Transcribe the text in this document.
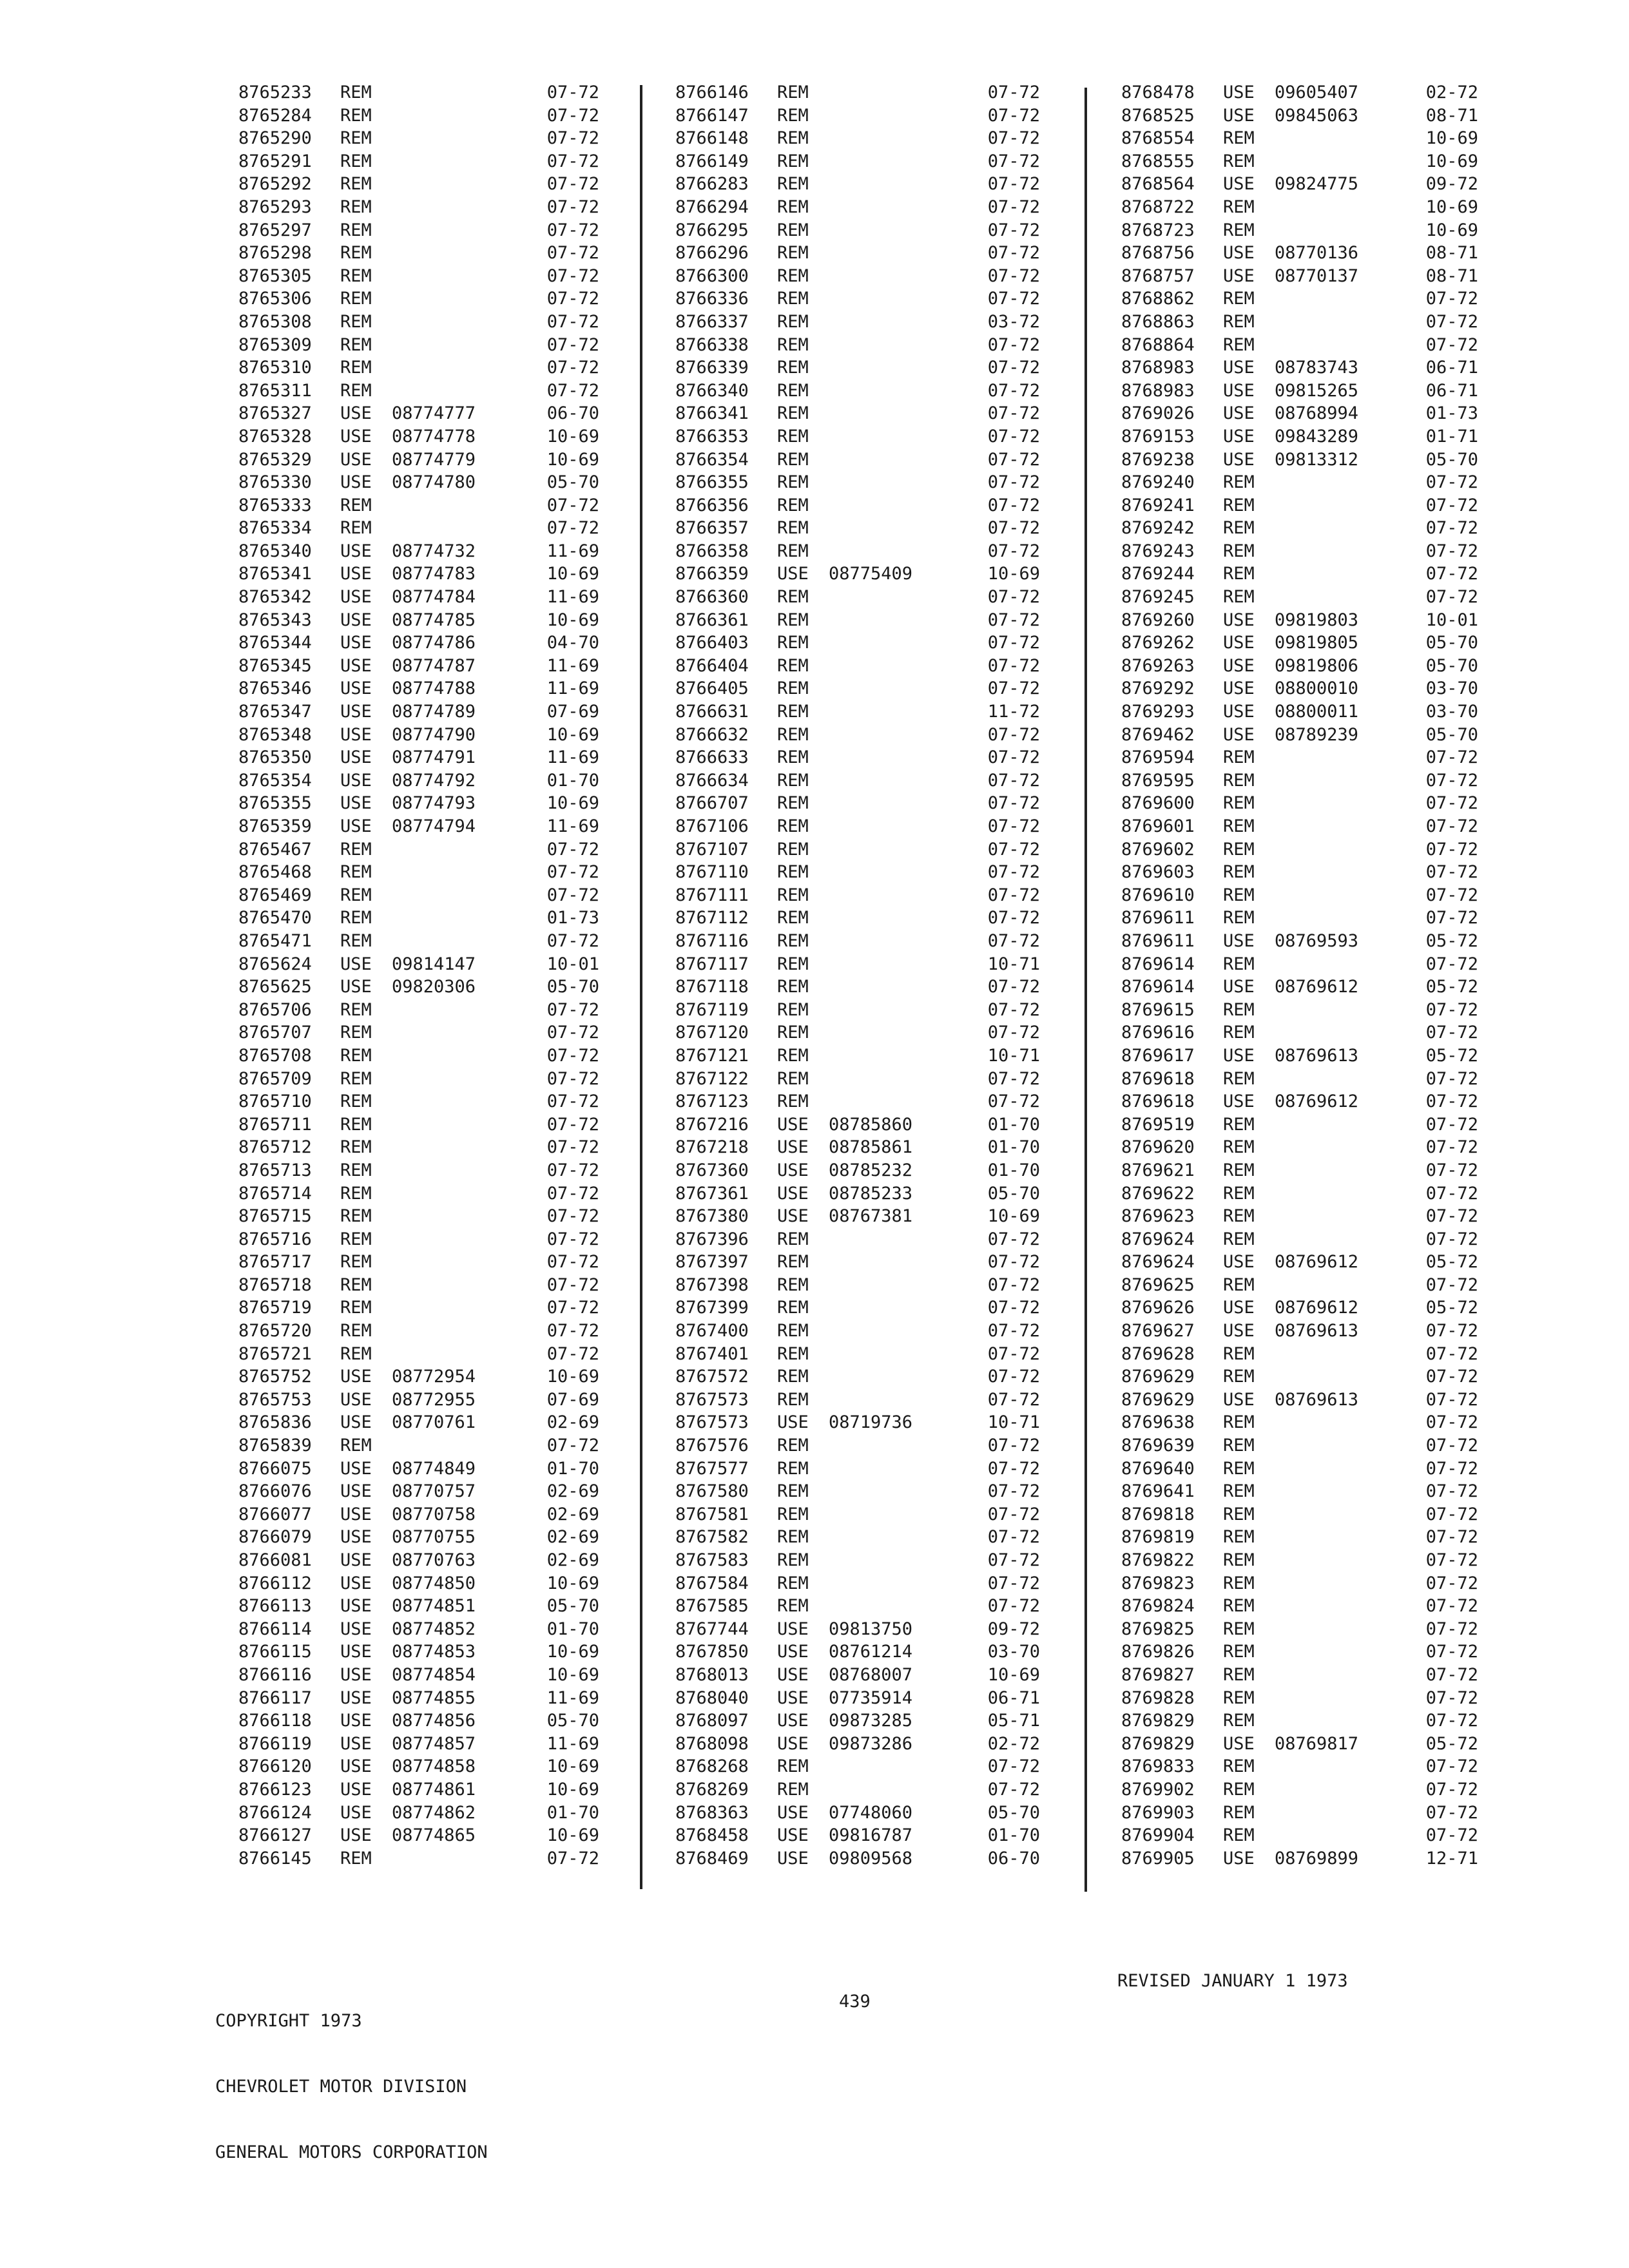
8765233 REM	07-72
8765284 REM	07-72
8765290 REM	07-72
8765291 REM	07-72
8765292 REM	07-72
8765293 REM	07-72
8765297 REM	07-72
8765298 REM	07-72
8765305 REM	07-72
8765306 REM	07-72
8765308 REM	07-72
8765309 REM	07-72
8765310 REM	07-72
8765311 REM	07-72
8765327 USE 08774777	06-70
8765328 USE 08774778	10-69
8765329 USE 08774779	10-69
8765330 USE 08774780	05-70
8765333 REM	07-72
8765334 REM	07-72
8765340 USE 08774732	11-69
8765341 USE 08774783	10-69
8765342 USE 08774784	11-69
8765343 USE 08774785	10-69
8765344 USE 08774786	04-70
8765345 USE 08774787	11-69
8765346 USE 08774788	11-69
8765347 USE 08774789	07-69
8765348 USE 08774790	10-69
8765350 USE 08774791	11-69
8765354 USE 08774792	01-70
8765355 USE 08774793	10-69
8765359 USE 08774794	11-69
8765467 REM	07-72
8765468 REM	07-72
8765469 REM	07-72
8765470 REM	01-73
8765471 REM	07-72
8765624 USE 09814147	10-01
8765625 USE 09820306	05-70
8765706 REM	07-72
8765707 REM	07-72
8765708 REM	07-72
8765709 REM	07-72
8765710 REM	07-72
8765711 REM	07-72
8765712 REM	07-72
8765713 REM	07-72
8765714 REM	07-72
8765715 REM	07-72
8765716 REM	07-72
8765717 REM	07-72
8765718 REM	07-72
8765719 REM	07-72
8765720 REM	07-72
8765721 REM	07-72
8765752 USE 08772954	10-69
8765753 USE 08772955	07-69
8765836 USE 08770761	02-69
8765839 REM	07-72
8766075 USE 08774849	01-70
8766076 USE 08770757	02-69
8766077 USE 08770758	02-69
8766079 USE 08770755	02-69
8766081 USE 08770763	02-69
8766112 USE 08774850	10-69
8766113 USE 08774851	05-70
8766114 USE 08774852	01-70
8766115 USE 08774853	10-69
8766116 USE 08774854	10-69
8766117 USE 08774855	11-69
8766118 USE 08774856	05-70
8766119 USE 08774857	11-69
8766120 USE 08774858	10-69
8766123 USE 08774861	10-69
8766124 USE 08774862	01-70
8766127 USE 08774865	10-69
8766145 REM	07-72
8766146 REM	07-72
8766147 REM	07-72
8766148 REM	07-72
8766149 REM	07-72
8766283 REM	07-72
8766294 REM	07-72
8766295 REM	07-72
8766296 REM	07-72
8766300 REM	07-72
8766336 REM	07-72
8766337 REM	03-72
8766338 REM	07-72
8766339 REM	07-72
8766340 REM	07-72
8766341 REM	07-72
8766353 REM	07-72
8766354 REM	07-72
8766355 REM	07-72
8766356 REM	07-72
8766357 REM	07-72
8766358 REM	07-72
8766359 USE 08775409	10-69
8766360 REM	07-72
8766361 REM	07-72
8766403 REM	07-72
8766404 REM	07-72
8766405 REM	07-72
8766631 REM	11-72
8766632 REM	07-72
8766633 REM	07-72
8766634 REM	07-72
8766707 REM	07-72
8767106 REM	07-72
8767107 REM	07-72
8767110 REM	07-72
8767111 REM	07-72
8767112 REM	07-72
8767116 REM	07-72
8767117 REM	10-71
8767118 REM	07-72
8767119 REM	07-72
8767120 REM	07-72
8767121 REM	10-71
8767122 REM	07-72
8767123 REM	07-72
8767216 USE 08785860	01-70
8767218 USE 08785861	01-70
8767360 USE 08785232	01-70
8767361 USE 08785233	05-70
8767380 USE 08767381	10-69
8767396 REM	07-72
8767397 REM	07-72
8767398 REM	07-72
8767399 REM	07-72
8767400 REM	07-72
8767401 REM	07-72
8767572 REM	07-72
8767573 REM	07-72
8767573 USE 08719736	10-71
8767576 REM	07-72
8767577 REM	07-72
8767580 REM	07-72
8767581 REM	07-72
8767582 REM	07-72
8767583 REM	07-72
8767584 REM	07-72
8767585 REM	07-72
8767744 USE 09813750	09-72
8767850 USE 08761214	03-70
8768013 USE 08768007	10-69
8768040 USE 07735914	06-71
8768097 USE 09873285	05-71
8768098 USE 09873286	02-72
8768268 REM	07-72
8768269 REM	07-72
8768363 USE 07748060	05-70
8768458 USE 09816787	01-70
8768469 USE 09809568	06-70
8768478 USE 09605407	02-72
8768525 USE 09845063	08-71
8768554 REM	10-69
8768555 REM	10-69
8768564 USE 09824775	09-72
8768722 REM	10-69
8768723 REM	10-69
8768756 USE 08770136	08-71
8768757 USE 08770137	08-71
8768862 REM	07-72
8768863 REM	07-72
8768864 REM	07-72
8768983 USE 08783743	06-71
8768983 USE 09815265	06-71
8769026 USE 08768994	01-73
8769153 USE 09843289	01-71
8769238 USE 09813312	05-70
8769240 REM	07-72
8769241 REM	07-72
8769242 REM	07-72
8769243 REM	07-72
8769244 REM	07-72
8769245 REM	07-72
8769260 USE 09819803	10-01
8769262 USE 09819805	05-70
8769263 USE 09819806	05-70
8769292 USE 08800010	03-70
8769293 USE 08800011	03-70
8769462 USE 08789239	05-70
8769594 REM	07-72
8769595 REM	07-72
8769600 REM	07-72
8769601 REM	07-72
8769602 REM	07-72
8769603 REM	07-72
8769610 REM	07-72
8769611 REM	07-72
8769611 USE 08769593	05-72
8769614 REM	07-72
8769614 USE 08769612	05-72
8769615 REM	07-72
8769616 REM	07-72
8769617 USE 08769613	05-72
8769618 REM	07-72
8769618 USE 08769612	07-72
8769519 REM	07-72
8769620 REM	07-72
8769621 REM	07-72
8769622 REM	07-72
8769623 REM	07-72
8769624 REM	07-72
8769624 USE 08769612	05-72
8769625 REM	07-72
8769626 USE 08769612	05-72
8769627 USE 08769613	07-72
8769628 REM	07-72
8769629 REM	07-72
8769629 USE 08769613	07-72
8769638 REM	07-72
8769639 REM	07-72
8769640 REM	07-72
8769641 REM	07-72
8769818 REM	07-72
8769819 REM	07-72
8769822 REM	07-72
8769823 REM	07-72
8769824 REM	07-72
8769825 REM	07-72
8769826 REM	07-72
8769827 REM	07-72
8769828 REM	07-72
8769829 REM	07-72
8769829 USE 08769817	05-72
8769833 REM	07-72
8769902 REM	07-72
8769903 REM	07-72
8769904 REM	07-72
8769905 USE 08769899	12-71

COPYRIGHT 1973

CHEVROLET MOTOR DIVISION

GENERAL MOTORS CORPORATION

439
REVISED JANUARY 1 1973
